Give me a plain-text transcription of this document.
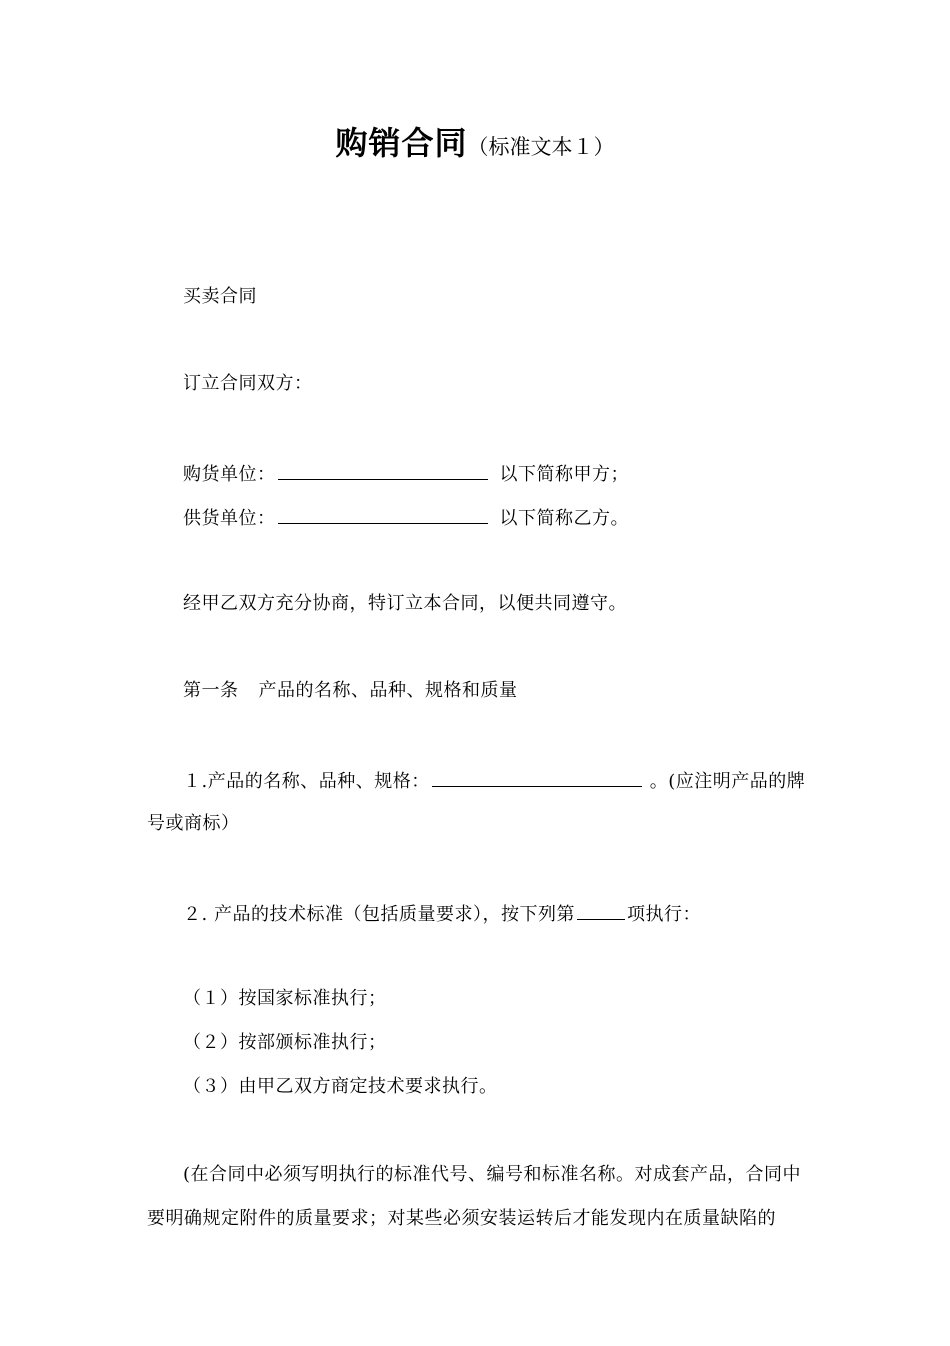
购销合同（标准文本１）
买卖合同
订立合同双方：
购货单位：	以下简称甲方；
供货单位：	以下简称乙方。
经甲乙双方充分协商，特订立本合同，以便共同遵守。
第一条 产品的名称、品种、规格和质量
１.产品的名称、品种、规格：	。(应注明产品的牌
号或商标）
２. 产品的技术标准（包括质量要求），按下列第	项执行：
（１）按国家标准执行；
（２）按部颁标准执行；
（３）由甲乙双方商定技术要求执行。
(在合同中必须写明执行的标准代号、编号和标准名称。对成套产品，合同中
要明确规定附件的质量要求；对某些必须安装运转后才能发现内在质量缺陷的
